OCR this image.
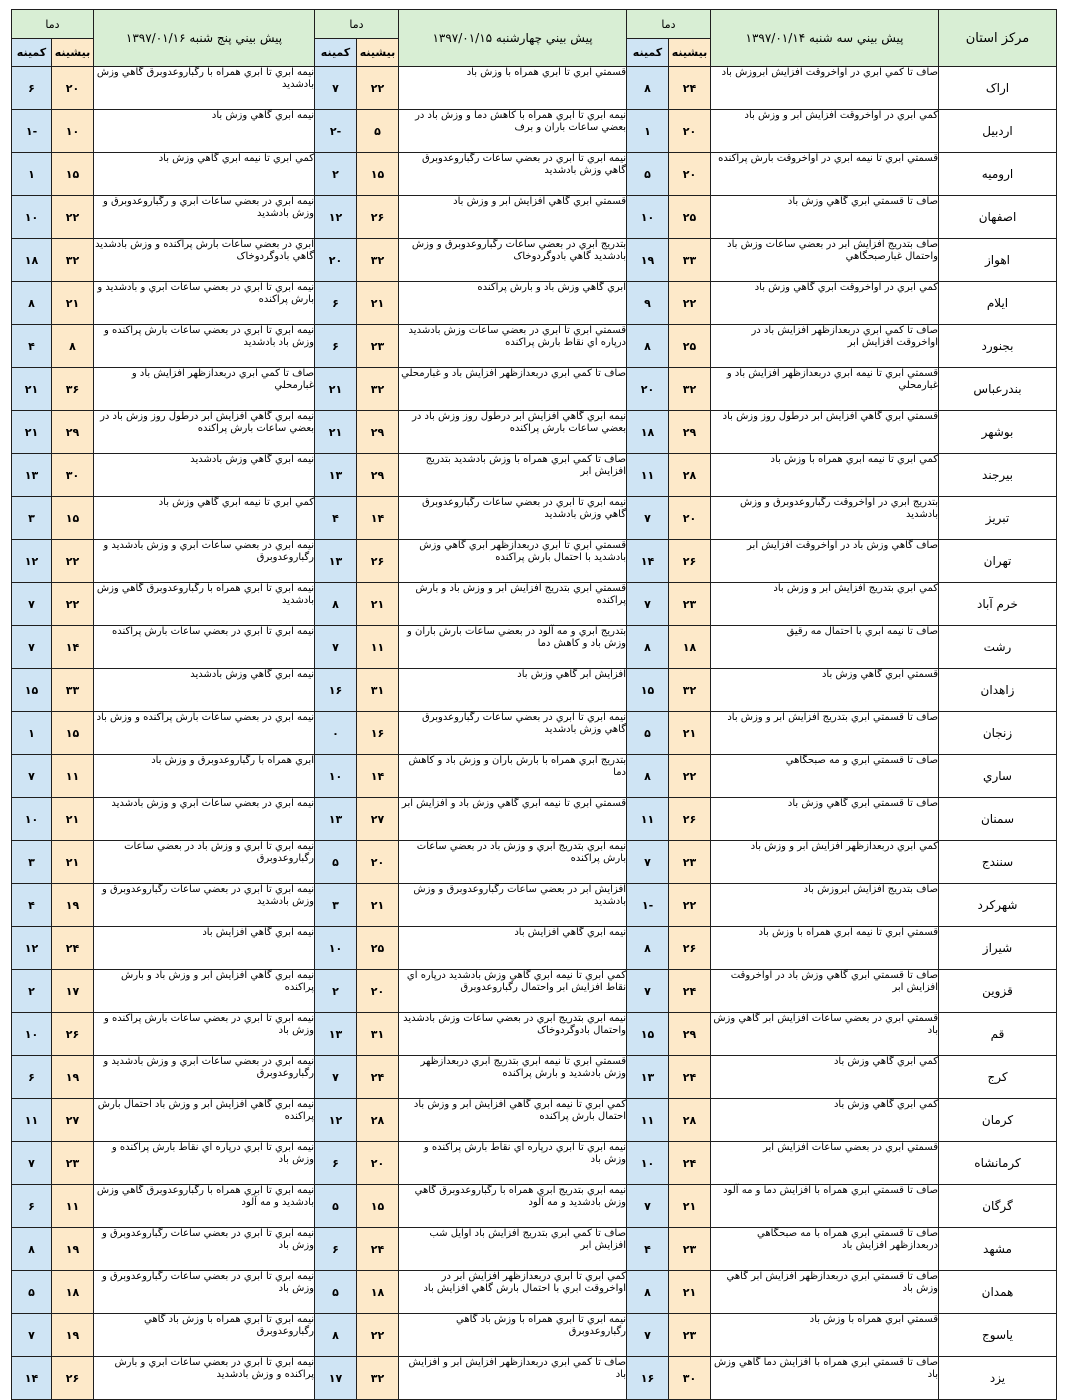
مرکز استان	پيش بيني سه شنبه ۱۳۹۷/۰۱/۱۴	دما		پيش بيني چهارشنبه ۱۳۹۷/۰۱/۱۵	دما		پيش بيني پنج شنبه ۱۳۹۷/۰۱/۱۶	دما	
		بيشينه	کمينه		بيشينه	کمينه		بيشينه	کمينه
اراک	صاف تا کمي ابري در اواخروقت افزايش ابروزش باد	۲۴	۸	قسمتي ابري تا ابري همراه با وزش باد	۲۲	۷	نيمه ابري تا ابري همراه با رگباروعدوبرق گاهي وزش بادشديد	۲۰	۶
اردبيل	کمي ابري در اواخروقت افزايش ابر و وزش باد	۲۰	۱	نيمه ابري تا ابري همراه با کاهش دما و وزش باد در بعضي ساعات باران و برف	۵	-۲	نيمه ابري گاهي وزش باد	۱۰	-۱
اروميه	قسمتي ابري تا نيمه ابري در اواخروقت بارش پراکنده	۲۰	۵	نيمه ابري تا ابري در بعضي ساعات رگباروعدوبرق گاهي وزش بادشديد	۱۵	۲	کمي ابري تا نيمه ابري گاهي وزش باد	۱۵	۱
اصفهان	صاف تا قسمتي ابري گاهي وزش باد	۲۵	۱۰	قسمتي ابري گاهي افزايش ابر و وزش باد	۲۶	۱۲	نيمه ابري در بعضي ساعات ابري و رگباروعدوبرق و وزش بادشديد	۲۲	۱۰
اهواز	صاف بتدريج افزايش ابر در بعضي ساعات وزش باد واحتمال غبارصبحگاهي	۳۳	۱۹	بتدريج ابري در بعضي ساعات رگباروعدوبرق و وزش بادشديد گاهي بادوگردوخاک	۳۲	۲۰	ابري در بعضي ساعات بارش پراکنده و وزش بادشديد گاهي بادوگردوخاک	۳۲	۱۸
ايلام	کمي ابري در اواخروقت ابري گاهي وزش باد	۲۲	۹	ابري گاهي وزش باد و بارش پراکنده	۲۱	۶	نيمه ابري تا ابري در بعضي ساعات ابري و بادشديد و بارش پراکنده	۲۱	۸
بجنورد	صاف تا کمي ابري دربعدازظهر افزايش باد در اواخروقت افزايش ابر	۲۵	۸	قسمتي ابري تا ابري در بعضي ساعات وزش بادشديد درپاره اي نقاط بارش پراکنده	۲۳	۶	نيمه ابري تا ابري در بعضي ساعات بارش پراکنده و وزش باد بادشديد	۸	۴
بندرعباس	قسمتي ابري تا نيمه ابري دربعدازظهر افزايش باد و غبارمحلي	۳۲	۲۰	صاف تا کمي ابري دربعدازظهر افزايش باد و غبارمحلي	۳۲	۲۱	صاف تا کمي ابري دربعدازظهر افزايش باد و غبارمحلي	۳۶	۲۱
بوشهر	قسمتي ابري گاهي افزايش ابر درطول روز وزش باد	۲۹	۱۸	نيمه ابري گاهي افزايش ابر درطول روز وزش باد در بعضي ساعات بارش پراکنده	۲۹	۲۱	نيمه ابري گاهي افزايش ابر درطول روز وزش باد در بعضي ساعات بارش پراکنده	۲۹	۲۱
بيرجند	کمي ابري تا نيمه ابري همراه با وزش باد	۲۸	۱۱	صاف تا کمي ابري همراه با وزش بادشديد بتدريج افزايش ابر	۲۹	۱۳	نيمه ابري گاهي وزش بادشديد	۳۰	۱۳
تبريز	بتدريج ابري در اواخروقت رگباروعدوبرق و وزش بادشديد	۲۰	۷	نيمه ابري تا ابري در بعضي ساعات رگباروعدوبرق گاهي وزش بادشديد	۱۴	۴	کمي ابري تا نيمه ابري گاهي وزش باد	۱۵	۳
تهران	صاف گاهي وزش باد در اواخروقت افزايش ابر	۲۶	۱۴	قسمتي ابري تا ابري دربعدازظهر ابري گاهي وزش بادشديد با احتمال بارش پراکنده	۲۶	۱۳	نيمه ابري در بعضي ساعات ابري و وزش بادشديد و رگباروعدوبرق	۲۲	۱۲
خرم آباد	کمي ابري بتدريج افزايش ابر و وزش باد	۲۳	۷	قسمتي ابري بتدريج افزايش ابر و وزش باد و بارش پراکنده	۲۱	۸	نيمه ابري تا ابري همراه با رگباروعدوبرق گاهي وزش بادشديد	۲۲	۷
رشت	صاف تا نيمه ابري با احتمال مه رقيق	۱۸	۸	بتدريج ابري و مه آلود در بعضي ساعات بارش باران و وزش باد و کاهش دما	۱۱	۷	نيمه ابري تا ابري در بعضي ساعات بارش پراکنده	۱۴	۷
زاهدان	قسمتي ابري گاهي وزش باد	۳۲	۱۵	افزايش ابر گاهي وزش باد	۳۱	۱۶	نيمه ابري گاهي وزش بادشديد	۳۳	۱۵
زنجان	صاف تا قسمتي ابري بتدريج افزايش ابر و وزش باد	۲۱	۵	نيمه ابري تا ابري در بعضي ساعات رگباروعدوبرق گاهي وزش بادشديد	۱۶	۰	نيمه ابري در بعضي ساعات بارش پراکنده و وزش باد	۱۵	۱
ساري	صاف تا قسمتي ابري و مه صبحگاهي	۲۲	۸	بتدريج ابري همراه با بارش باران و وزش باد و کاهش دما	۱۴	۱۰	ابري همراه با رگباروعدوبرق و وزش باد	۱۱	۷
سمنان	صاف تا قسمتي ابري گاهي وزش باد	۲۶	۱۱	قسمتي ابري تا نيمه ابري گاهي وزش باد و افزايش ابر	۲۷	۱۳	نيمه ابري در بعضي ساعات ابري و وزش بادشديد	۲۱	۱۰
سنندج	کمي ابري دربعدازظهر افزايش ابر و وزش باد	۲۳	۷	نيمه ابري بتدريج ابري و وزش باد در بعضي ساعات بارش پراکنده	۲۰	۵	نيمه ابري تا ابري و وزش باد در بعضي ساعات رگباروعدوبرق	۲۱	۳
شهرکرد	صاف بتدريج افزايش ابروزش باد	۲۲	-۱	افزايش ابر در بعضي ساعات رگباروعدوبرق و وزش بادشديد	۲۱	۳	نيمه ابري تا ابري در بعضي ساعات رگباروعدوبرق و وزش بادشديد	۱۹	۴
شيراز	قسمتي ابري تا نيمه ابري همراه با وزش باد	۲۶	۸	نيمه ابري گاهي افزايش باد	۲۵	۱۰	نيمه ابري گاهي افزايش باد	۲۴	۱۲
قزوين	صاف تا قسمتي ابري گاهي وزش باد در اواخروقت افزايش ابر	۲۴	۷	کمي ابري تا نيمه ابري گاهي وزش بادشديد درپاره اي نقاط افزايش ابر واحتمال رگباروعدوبرق	۲۰	۲	نيمه ابري گاهي افزايش ابر و وزش باد و بارش پراکنده	۱۷	۲
قم	قسمتي ابري در بعضي ساعات افزايش ابر گاهي وزش باد	۲۹	۱۵	نيمه ابري بتدريج ابري در بعضي ساعات وزش بادشديد واحتمال بادوگردوخاک	۳۱	۱۳	نيمه ابري تا ابري در بعضي ساعات بارش پراکنده و وزش باد	۲۶	۱۰
کرج	کمي ابري گاهي وزش باد	۲۴	۱۳	قسمتي ابري تا نيمه ابري بتدريج ابري دربعدازظهر وزش بادشديد و بارش پراکنده	۲۴	۷	نيمه ابري در بعضي ساعات ابري و وزش بادشديد و رگباروعدوبرق	۱۹	۶
کرمان	کمي ابري گاهي وزش باد	۲۸	۱۱	کمي ابري تا نيمه ابري گاهي افزايش ابر و وزش باد احتمال بارش پراکنده	۲۸	۱۲	نيمه ابري گاهي افزايش ابر و وزش باد احتمال بارش پراکنده	۲۷	۱۱
کرمانشاه	قسمتي ابري در بعضي ساعات افزايش ابر	۲۴	۱۰	نيمه ابري تا ابري درپاره اي نقاط بارش پراکنده و وزش باد	۲۰	۶	نيمه ابري تا ابري درپاره اي نقاط بارش پراکنده و وزش باد	۲۳	۷
گرگان	صاف تا قسمتي ابري همراه با افزايش دما و مه آلود	۲۱	۷	نيمه ابري بتدريج ابري همراه با رگباروعدوبرق گاهي وزش بادشديد و مه آلود	۱۵	۵	نيمه ابري تا ابري همراه با رگباروعدوبرق گاهي وزش بادشديد و مه آلود	۱۱	۶
مشهد	صاف تا قسمتي ابري همراه با مه صبحگاهي دربعدازظهر افزايش باد	۲۳	۴	صاف تا کمي ابري بتدريج افزايش باد اوايل شب افزايش ابر	۲۴	۶	نيمه ابري تا ابري در بعضي ساعات رگباروعدوبرق و وزش باد	۱۹	۸
همدان	صاف تا قسمتي ابري دربعدازظهر افزايش ابر گاهي وزش باد	۲۱	۸	کمي ابري تا ابري دربعدازظهر افزايش ابر در اواخروقت ابري با احتمال بارش گاهي افزايش باد	۱۸	۵	نيمه ابري تا ابري در بعضي ساعات رگباروعدوبرق و وزش باد	۱۸	۵
ياسوج	قسمتي ابري همراه با وزش باد	۲۳	۷	نيمه ابري تا ابري همراه با وزش باد گاهي رگباروعدوبرق	۲۲	۸	نيمه ابري تا ابري همراه با وزش باد گاهي رگباروعدوبرق	۱۹	۷
يزد	صاف تا قسمتي ابري همراه با افزايش دما گاهي وزش باد	۳۰	۱۶	صاف تا کمي ابري دربعدازظهر افزايش ابر و افزايش باد	۳۲	۱۷	نيمه ابري تا ابري در بعضي ساعات ابري و بارش پراکنده و وزش بادشديد	۲۶	۱۴
